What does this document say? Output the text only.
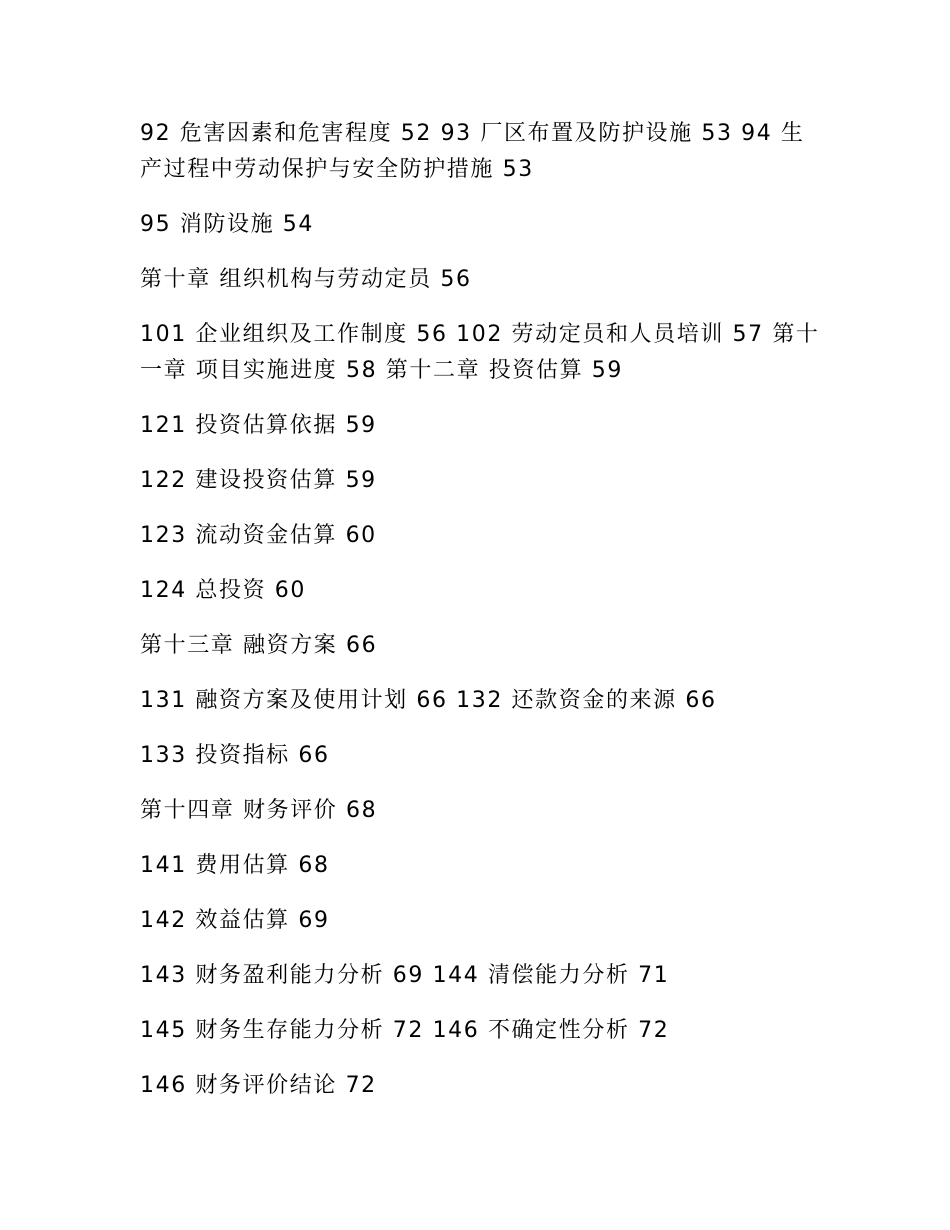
92 危害因素和危害程度 52 93 厂区布置及防护设施 53 94 生产过程中劳动保护与安全防护措施 53

95 消防设施 54

第十章 组织机构与劳动定员 56

101 企业组织及工作制度 56 102 劳动定员和人员培训 57 第十一章 项目实施进度 58 第十二章 投资估算 59

121 投资估算依据 59

122 建设投资估算 59

123 流动资金估算 60

124 总投资 60

第十三章 融资方案 66

131 融资方案及使用计划 66 132 还款资金的来源 66

133 投资指标 66

第十四章 财务评价 68

141 费用估算 68

142 效益估算 69

143 财务盈利能力分析 69 144 清偿能力分析 71

145 财务生存能力分析 72 146 不确定性分析 72

146 财务评价结论 72
